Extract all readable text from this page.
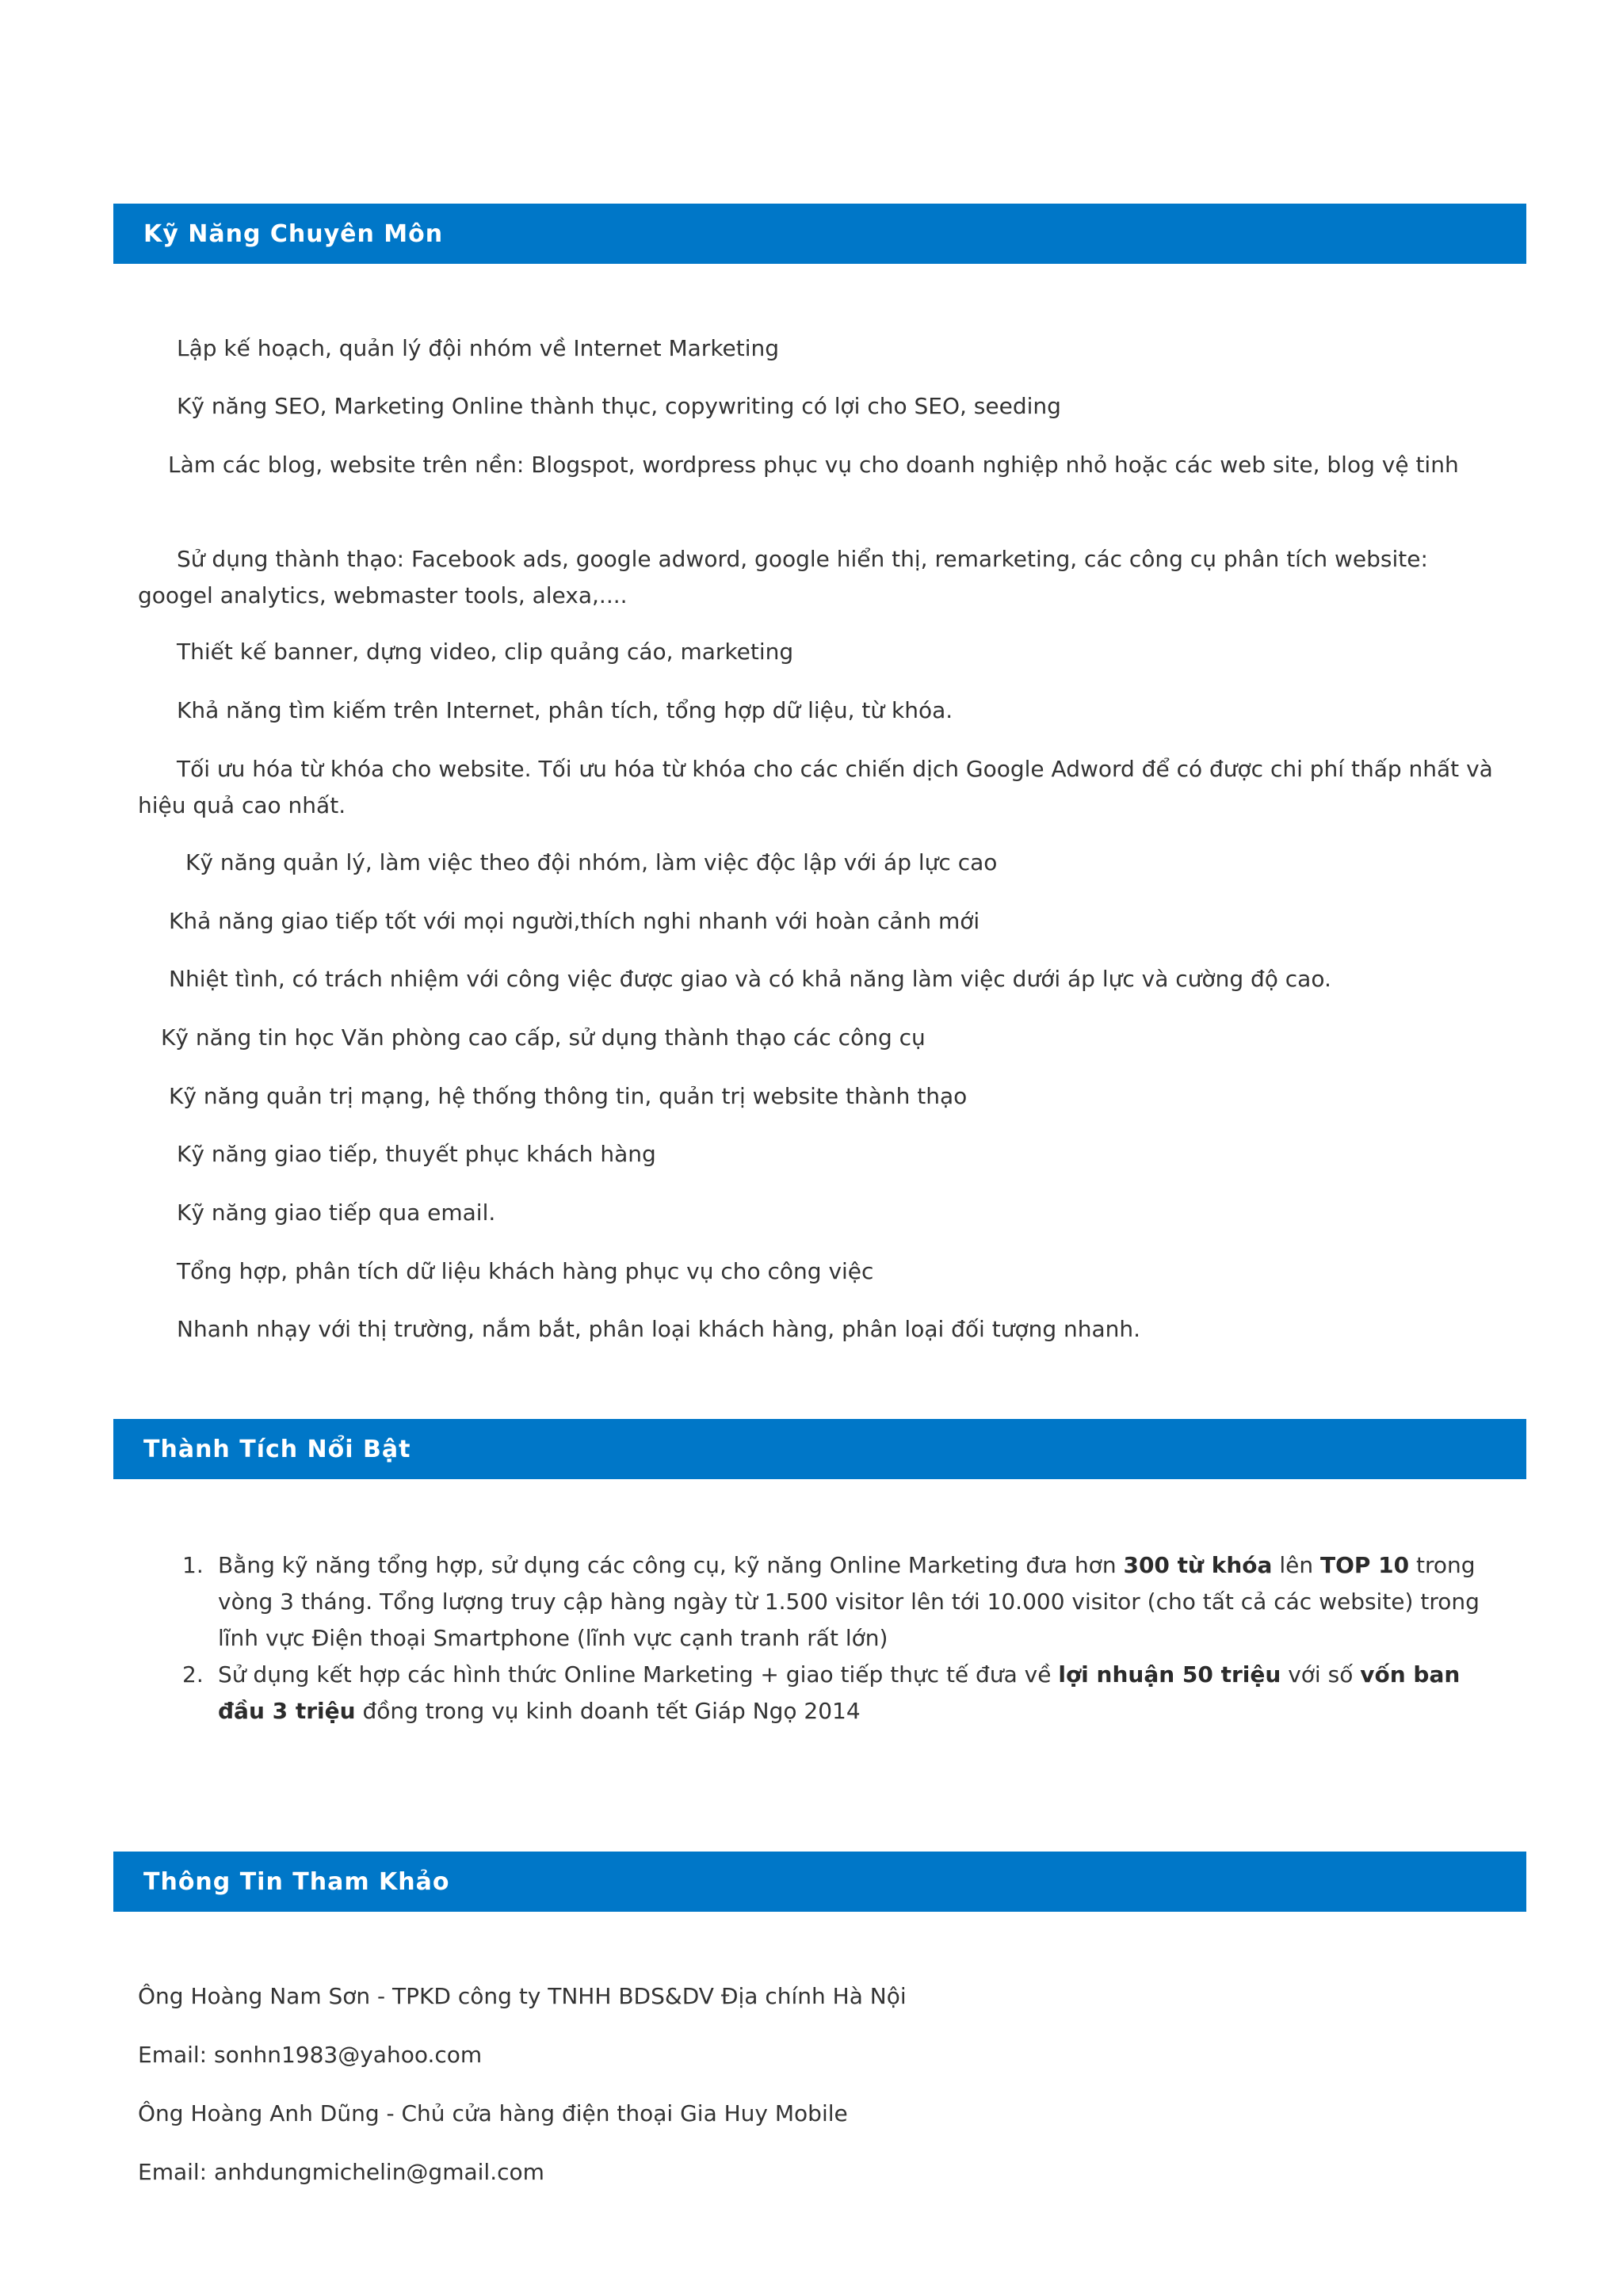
Kỹ Năng Chuyên Môn
Lập kế hoạch, quản lý đội nhóm về Internet Marketing
Kỹ năng SEO, Marketing Online thành thục, copywriting có lợi cho SEO, seeding
Làm các blog, website trên nền: Blogspot, wordpress phục vụ cho doanh nghiệp nhỏ hoặc các web site, blog vệ tinh
Sử dụng thành thạo: Facebook ads, google adword, google hiển thị, remarketing, các công cụ phân tích website: googel analytics, webmaster tools, alexa,....
Thiết kế banner, dựng video, clip quảng cáo, marketing
Khả năng tìm kiếm trên Internet, phân tích, tổng hợp dữ liệu, từ khóa.
Tối ưu hóa từ khóa cho website. Tối ưu hóa từ khóa cho các chiến dịch Google Adword để có được chi phí thấp nhất và hiệu quả cao nhất.
Kỹ năng quản lý, làm việc theo đội nhóm, làm việc độc lập với áp lực cao
Khả năng giao tiếp tốt với mọi người,thích nghi nhanh với hoàn cảnh mới
Nhiệt tình, có trách nhiệm với công việc được giao và có khả năng làm việc dưới áp lực và cường độ cao.
Kỹ năng tin học Văn phòng cao cấp, sử dụng thành thạo các công cụ
Kỹ năng quản trị mạng, hệ thống thông tin, quản trị website thành thạo
Kỹ năng giao tiếp, thuyết phục khách hàng
Kỹ năng giao tiếp qua email.
Tổng hợp, phân tích dữ liệu khách hàng phục vụ cho công việc
Nhanh nhạy với thị trường, nắm bắt, phân loại khách hàng, phân loại đối tượng nhanh.
Thành Tích Nổi Bật
1. Bằng kỹ năng tổng hợp, sử dụng các công cụ, kỹ năng Online Marketing đưa hơn 300 từ khóa lên TOP 10 trong    vòng 3 tháng. Tổng lượng truy cập hàng ngày từ 1.500 visitor lên tới 10.000 visitor (cho tất cả các website) trong lĩnh vực Điện thoại Smartphone (lĩnh vực cạnh tranh rất lớn)
2. Sử dụng kết hợp các hình thức Online Marketing + giao tiếp thực tế đưa về lợi nhuận 50 triệu với số vốn ban đầu 3 triệu đồng trong vụ kinh doanh tết Giáp Ngọ 2014
Thông Tin Tham Khảo
Ông Hoàng Nam Sơn - TPKD công ty TNHH BDS&DV Địa chính Hà Nội
Email: sonhn1983@yahoo.com
Ông Hoàng Anh Dũng - Chủ cửa hàng điện thoại Gia Huy Mobile
Email: anhdungmichelin@gmail.com
